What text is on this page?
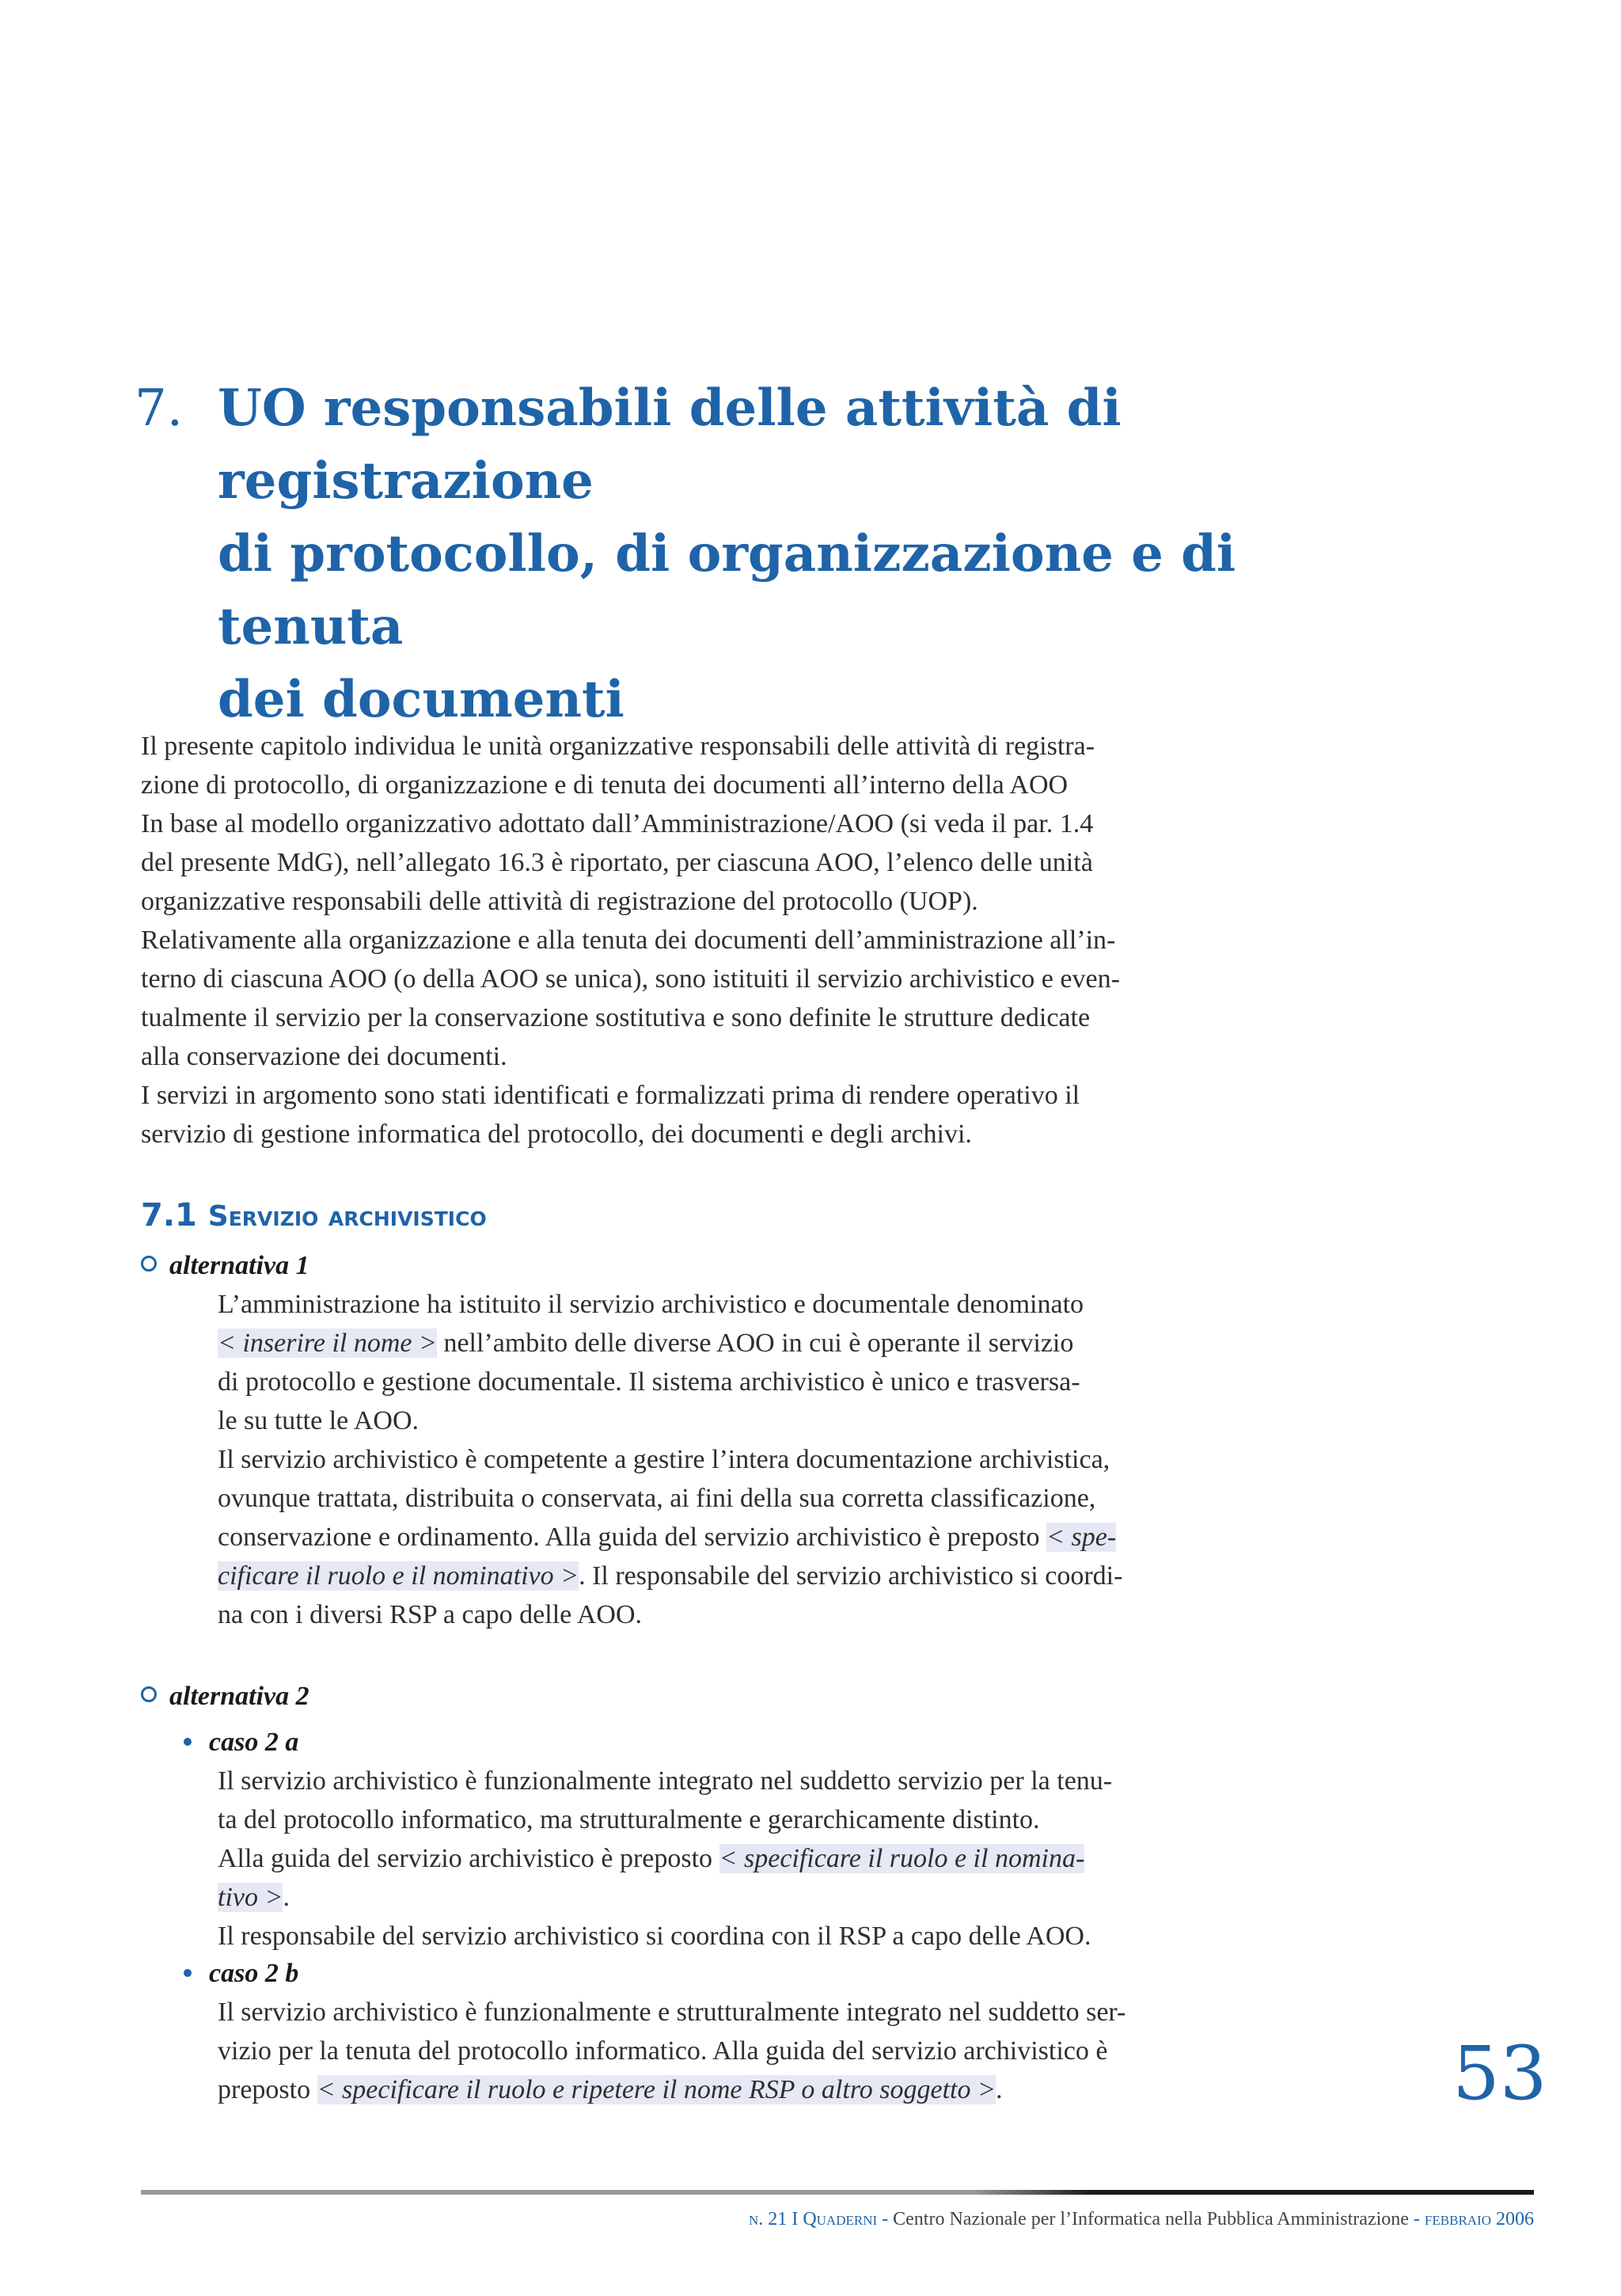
7. UO responsabili delle attività di registrazione
di protocollo, di organizzazione e di tenuta
dei documenti

Il presente capitolo individua le unità organizzative responsabili delle attività di registra-

zione di protocollo, di organizzazione e di tenuta dei documenti all’interno della AOO

In base al modello organizzativo adottato dall’Amministrazione/AOO (si veda il par. 1.4

del presente MdG), nell’allegato 16.3 è riportato, per ciascuna AOO, l’elenco delle unità

organizzative responsabili delle attività di registrazione del protocollo (UOP).

Relativamente alla organizzazione e alla tenuta dei documenti dell’amministrazione all’in-

terno di ciascuna AOO (o della AOO se unica), sono istituiti il servizio archivistico e even-

tualmente il servizio per la conservazione sostitutiva e sono definite le strutture dedicate

alla conservazione dei documenti.

I servizi in argomento sono stati identificati e formalizzati prima di rendere operativo il

servizio di gestione informatica del protocollo, dei documenti e degli archivi.

7.1 Servizio archivistico
alternativa 1

L’amministrazione ha istituito il servizio archivistico e documentale denominato

< inserire il nome > nell’ambito delle diverse AOO in cui è operante il servizio

di protocollo e gestione documentale. Il sistema archivistico è unico e trasversa-

le su tutte le AOO.

Il servizio archivistico è competente a gestire l’intera documentazione archivistica,

ovunque trattata, distribuita o conservata, ai fini della sua corretta classificazione,

conservazione e ordinamento. Alla guida del servizio archivistico è preposto < spe-

cificare il ruolo e il nominativo >. Il responsabile del servizio archivistico si coordi-

na con i diversi RSP a capo delle AOO.

alternativa 2
caso 2 a

Il servizio archivistico è funzionalmente integrato nel suddetto servizio per la tenu-

ta del protocollo informatico, ma strutturalmente e gerarchicamente distinto.

Alla guida del servizio archivistico è preposto < specificare il ruolo e il nomina-

tivo >.

Il responsabile del servizio archivistico si coordina con il RSP a capo delle AOO.

caso 2 b

Il servizio archivistico è funzionalmente e strutturalmente integrato nel suddetto ser-

vizio per la tenuta del protocollo informatico. Alla guida del servizio archivistico è

preposto < specificare il ruolo e ripetere il nome RSP o altro soggetto >.	53
n. 21 I Quaderni - Centro Nazionale per l’Informatica nella Pubblica Amministrazione - febbraio 2006
